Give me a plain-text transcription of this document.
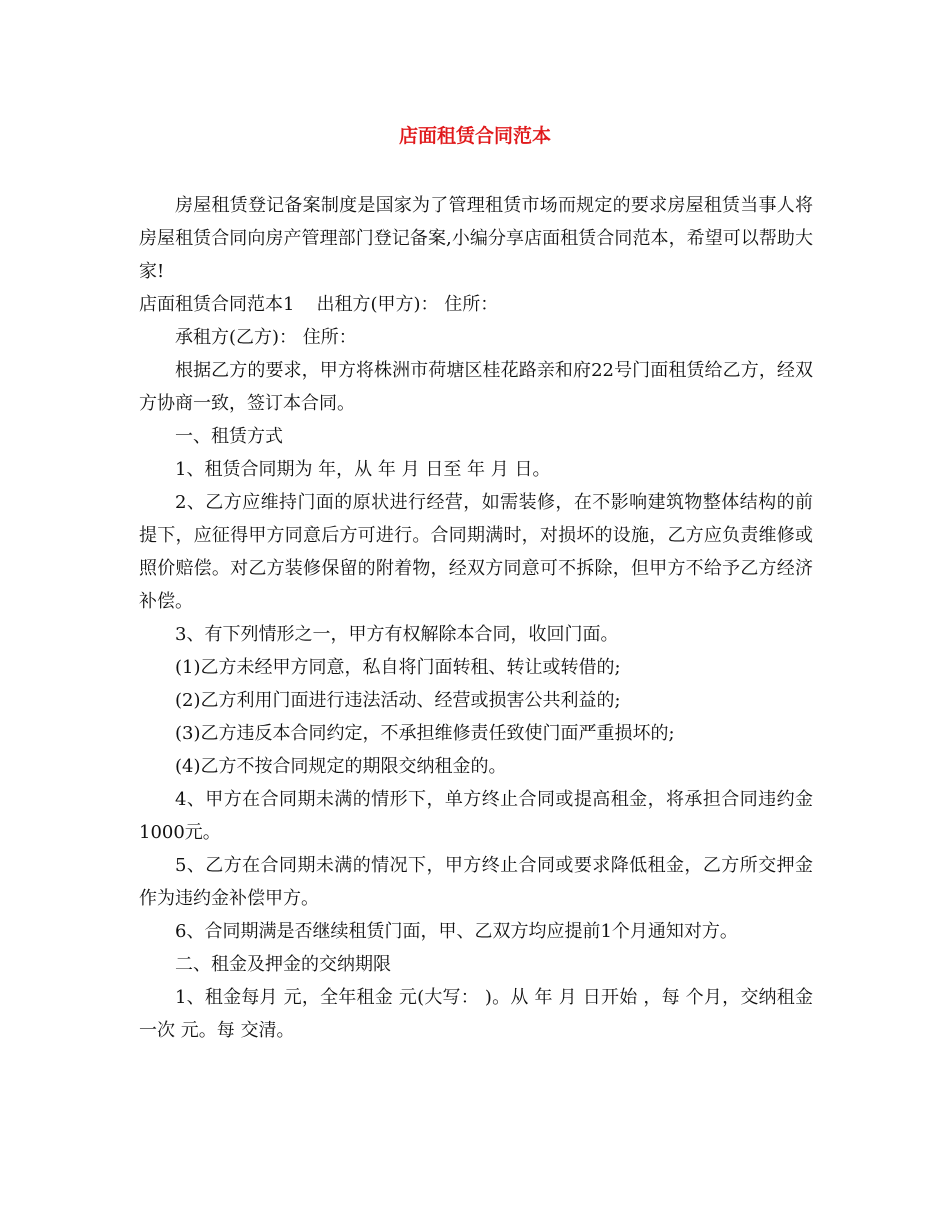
店面租赁合同范本

房屋租赁登记备案制度是国家为了管理租赁市场而规定的要求房屋租赁当事人将房屋租赁合同向房产管理部门登记备案,小编分享店面租赁合同范本，希望可以帮助大家!

店面租赁合同范本1 出租方(甲方)： 住所：

承租方(乙方)： 住所：

根据乙方的要求，甲方将株洲市荷塘区桂花路亲和府22号门面租赁给乙方，经双方协商一致，签订本合同。

一、租赁方式

1、租赁合同期为 年，从 年 月 日至 年 月 日。

2、乙方应维持门面的原状进行经营，如需装修，在不影响建筑物整体结构的前提下，应征得甲方同意后方可进行。合同期满时，对损坏的设施，乙方应负责维修或照价赔偿。对乙方装修保留的附着物，经双方同意可不拆除，但甲方不给予乙方经济补偿。

3、有下列情形之一，甲方有权解除本合同，收回门面。

(1)乙方未经甲方同意，私自将门面转租、转让或转借的;

(2)乙方利用门面进行违法活动、经营或损害公共利益的;

(3)乙方违反本合同约定，不承担维修责任致使门面严重损坏的;

(4)乙方不按合同规定的期限交纳租金的。

4、甲方在合同期未满的情形下，单方终止合同或提高租金，将承担合同违约金1000元。

5、乙方在合同期未满的情况下，甲方终止合同或要求降低租金，乙方所交押金作为违约金补偿甲方。

6、合同期满是否继续租赁门面，甲、乙双方均应提前1个月通知对方。

二、租金及押金的交纳期限

1、租金每月 元，全年租金 元(大写： )。从 年 月 日开始 ，每 个月，交纳租金一次 元。每 交清。
